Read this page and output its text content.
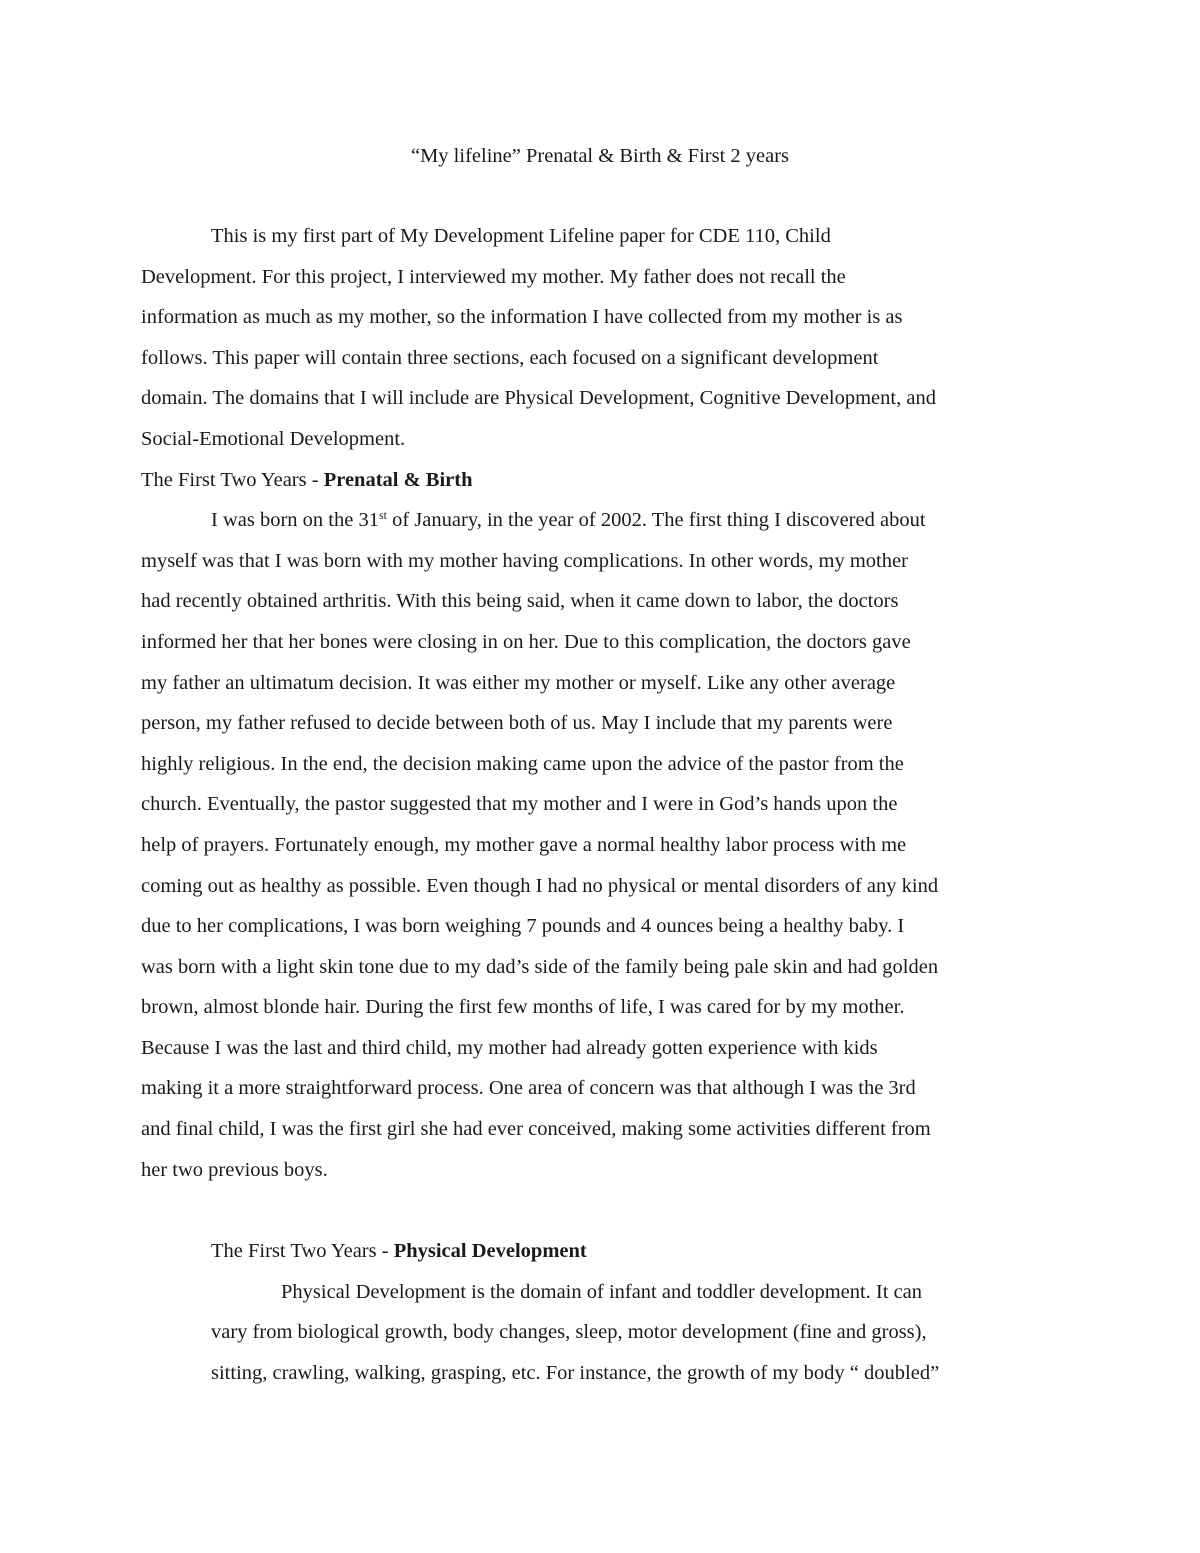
“My lifeline” Prenatal & Birth & First 2 years
This is my first part of My Development Lifeline paper for CDE 110, Child
Development. For this project, I interviewed my mother. My father does not recall the
information as much as my mother, so the information I have collected from my mother is as
follows. This paper will contain three sections, each focused on a significant development
domain. The domains that I will include are Physical Development, Cognitive Development, and
Social-Emotional Development.
The First Two Years - Prenatal & Birth
I was born on the 31st of January, in the year of 2002. The first thing I discovered about
myself was that I was born with my mother having complications. In other words, my mother
had recently obtained arthritis. With this being said, when it came down to labor, the doctors
informed her that her bones were closing in on her. Due to this complication, the doctors gave
my father an ultimatum decision. It was either my mother or myself. Like any other average
person, my father refused to decide between both of us. May I include that my parents were
highly religious. In the end, the decision making came upon the advice of the pastor from the
church. Eventually, the pastor suggested that my mother and I were in God’s hands upon the
help of prayers. Fortunately enough, my mother gave a normal healthy labor process with me
coming out as healthy as possible. Even though I had no physical or mental disorders of any kind
due to her complications, I was born weighing 7 pounds and 4 ounces being a healthy baby. I
was born with a light skin tone due to my dad’s side of the family being pale skin and had golden
brown, almost blonde hair. During the first few months of life, I was cared for by my mother.
Because I was the last and third child, my mother had already gotten experience with kids
making it a more straightforward process. One area of concern was that although I was the 3rd
and final child, I was the first girl she had ever conceived, making some activities different from
her two previous boys.
The First Two Years - Physical Development
Physical Development is the domain of infant and toddler development. It can
vary from biological growth, body changes, sleep, motor development (fine and gross),
sitting, crawling, walking, grasping, etc. For instance, the growth of my body “ doubled”
